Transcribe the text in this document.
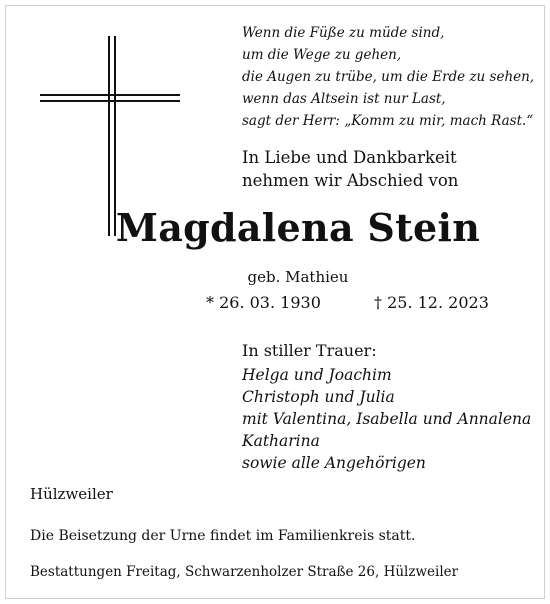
Wenn die Füße zu müde sind,
um die Wege zu gehen,
die Augen zu trübe, um die Erde zu sehen,
wenn das Altsein ist nur Last,
sagt der Herr: „Komm zu mir, mach Rast.“
In Liebe und Dankbarkeit
nehmen wir Abschied von
Magdalena Stein
geb. Mathieu
* 26. 03. 1930	† 25. 12. 2023
In stiller Trauer:
Helga und Joachim
Christoph und Julia
mit Valentina, Isabella und Annalena
Katharina
sowie alle Angehörigen
Hülzweiler
Die Beisetzung der Urne findet im Familienkreis statt.
Bestattungen Freitag, Schwarzenholzer Straße 26, Hülzweiler
